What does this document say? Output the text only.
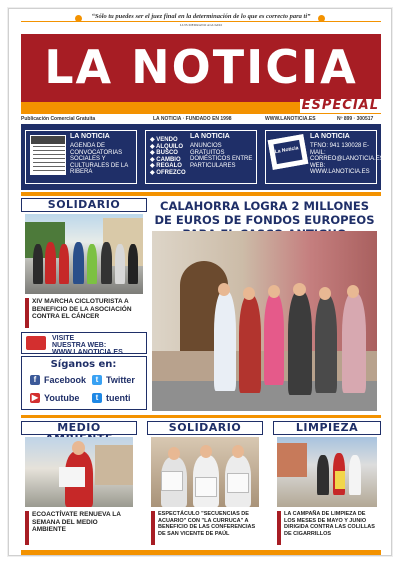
“Sólo tu puedes ser el juez final en la determinación de lo que es correcto para ti”
LUIS MEDRANO AGUADO
LA NOTICIA
ESPECIAL
Publicación Comercial Gratuita	LA NOTICIA · FUNDADO EN 1998	WWW.LANOTICIA.ES	Nº 899 · 300517
LA NOTICIA
AGENDA DE CONVOCATORIAS SOCIALES Y CULTURALES DE LA RIBERA
◆ VENDO
◆ ALQUILO
◆ BUSCO
◆ CAMBIO
◆ REGALO
◆ OFREZCO
LA NOTICIA
ANUNCIOS GRATUITOS DOMÉSTICOS ENTRE PARTICULARES
La Noticia
LA NOTICIA
TFNO: 941 130028 E-MAIL: CORREO@LANOTICIA.ES WEB: WWW.LANOTICIA.ES
SOLIDARIO
XIV MARCHA CICLOTURISTA A BENEFICIO DE LA ASOCIACIÓN CONTRA EL CÁNCER
CALAHORRA LOGRA 2 MILLONES DE EUROS DE FONDOS EUROPEOS
VISITE
NUESTRA WEB:
WWW.LANOTICIA.ES
Síganos en:
f Facebook	t Twitter
▶ Youtube	t tuenti
MEDIO
ECOACTÍVATE RENUEVA LA SEMANA DEL MEDIO AMBIENTE
SOLIDARIO
ESPECTÁCULO "SECUENCIAS DE ACUARIO" CON "LA CURRUCA" A BENEFICIO DE LAS CONFERENCIAS DE SAN VICENTE DE PAÚL
LIMPIEZA
LA CAMPAÑA DE LIMPIEZA DE LOS MESES DE MAYO Y JUNIO DIRIGIDA CONTRA LAS COLILLAS DE CIGARRILLOS
